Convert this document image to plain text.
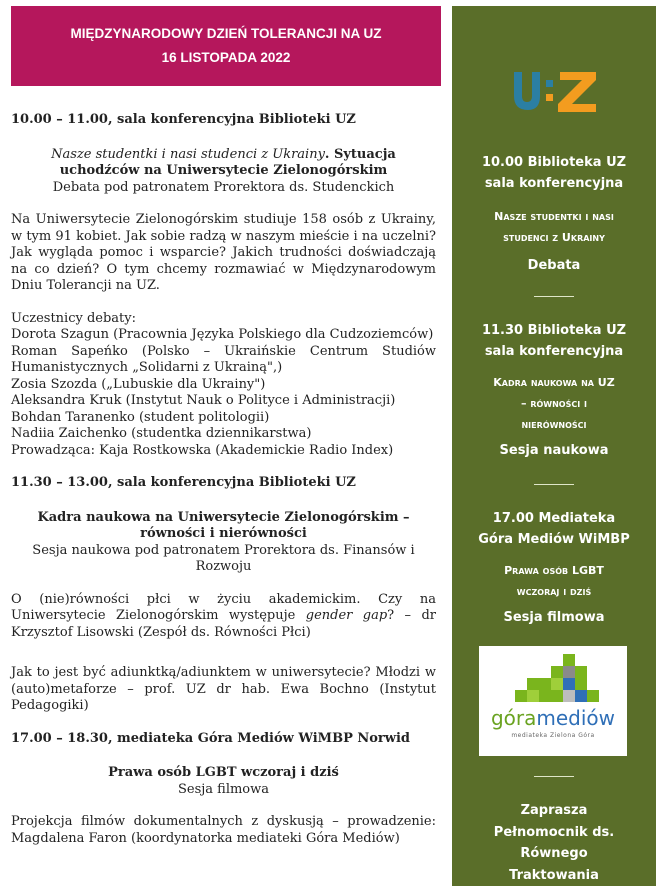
MIĘDZYNARODOWY DZIEŃ TOLERANCJI NA UZ
16 LISTOPADA 2022

10.00 – 11.00, sala konferencyjna Biblioteki UZ

Nasze studentki i nasi studenci z Ukrainy. Sytuacja uchodźców na Uniwersytecie Zielonogórskim

Debata pod patronatem Prorektora ds. Studenckich

Na Uniwersytecie Zielonogórskim studiuje 158 osób z Ukrainy, w tym 91 kobiet. Jak sobie radzą w naszym mieście i na uczelni? Jak wygląda pomoc i wsparcie? Jakich trudności doświadczają na co dzień? O tym chcemy rozmawiać w Międzynarodowym Dniu Tolerancji na UZ.

Uczestnicy debaty:

Dorota Szagun (Pracownia Języka Polskiego dla Cudzoziemców)

Roman Sapeńko (Polsko – Ukraińskie Centrum Studiów Humanistycznych „Solidarni z Ukrainą",)

Zosia Szozda („Lubuskie dla Ukrainy")

Aleksandra Kruk (Instytut Nauk o Polityce i Administracji)

Bohdan Taranenko (student politologii)

Nadiia Zaichenko (studentka dziennikarstwa)

Prowadząca: Kaja Rostkowska (Akademickie Radio Index)

11.30 – 13.00, sala konferencyjna Biblioteki UZ

Kadra naukowa na Uniwersytecie Zielonogórskim – równości i nierówności

Sesja naukowa pod patronatem Prorektora ds. Finansów i Rozwoju

O (nie)równości płci w życiu akademickim. Czy na Uniwersytecie Zielonogórskim występuje gender gap? – dr Krzysztof Lisowski (Zespół ds. Równości Płci)

Jak to jest być adiunktką/adiunktem w uniwersytecie? Młodzi w (auto)metaforze – prof. UZ dr hab. Ewa Bochno (Instytut Pedagogiki)

17.00 – 18.30, mediateka Góra Mediów WiMBP Norwid

Prawa osób LGBT wczoraj i dziś

Sesja filmowa

Projekcja filmów dokumentalnych z dyskusją – prowadzenie: Magdalena Faron (koordynatorka mediateki Góra Mediów)

10.00 Biblioteka UZ
sala konferencyjna
Nasze studentki i nasi
studenci z Ukrainy
Debata
11.30 Biblioteka UZ
sala konferencyjna
Kadra naukowa na UZ
– równości i
nierówności
Sesja naukowa
17.00 Mediateka
Góra Mediów WiMBP
Prawa osób LGBT
wczoraj i dziś
Sesja filmowa
góramediów
mediateka Zielona Góra
Zaprasza
Pełnomocnik ds.
Równego
Traktowania
